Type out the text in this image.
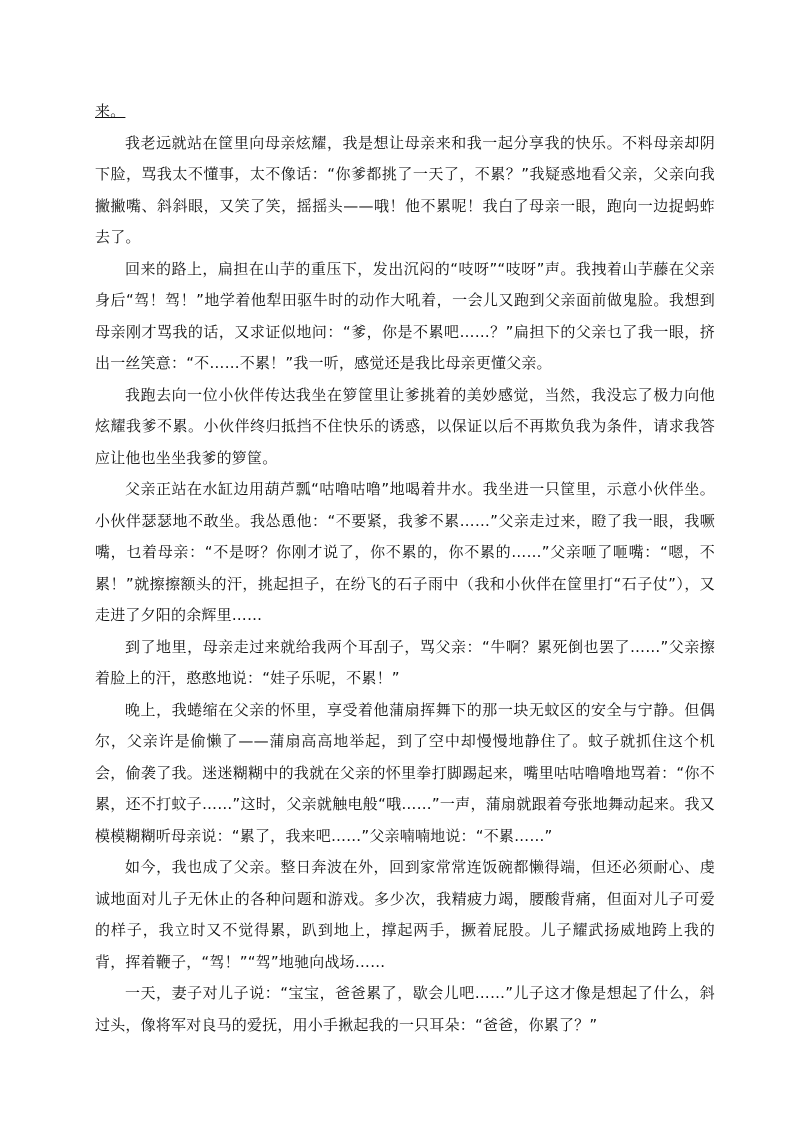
来。

我老远就站在筐里向母亲炫耀，我是想让母亲来和我一起分享我的快乐。不料母亲却阴下脸，骂我太不懂事，太不像话：“你爹都挑了一天了，不累？”我疑惑地看父亲，父亲向我撇撇嘴、斜斜眼，又笑了笑，摇摇头——哦！他不累呢！我白了母亲一眼，跑向一边捉蚂蚱去了。

回来的路上，扁担在山芋的重压下，发出沉闷的“吱呀”“吱呀”声。我拽着山芋藤在父亲身后“驾！驾！”地学着他犁田驱牛时的动作大吼着，一会儿又跑到父亲面前做鬼脸。我想到母亲刚才骂我的话，又求证似地问：“爹，你是不累吧……？”扁担下的父亲乜了我一眼，挤出一丝笑意：“不……不累！”我一听，感觉还是我比母亲更懂父亲。

我跑去向一位小伙伴传达我坐在箩筐里让爹挑着的美妙感觉，当然，我没忘了极力向他炫耀我爹不累。小伙伴终归抵挡不住快乐的诱惑，以保证以后不再欺负我为条件，请求我答应让他也坐坐我爹的箩筐。

父亲正站在水缸边用葫芦瓢“咕噜咕噜”地喝着井水。我坐进一只筐里，示意小伙伴坐。小伙伴瑟瑟地不敢坐。我怂恿他：“不要紧，我爹不累……”父亲走过来，瞪了我一眼，我噘嘴，乜着母亲：“不是呀？你刚才说了，你不累的，你不累的……”父亲咂了咂嘴：“嗯，不累！”就擦擦额头的汗，挑起担子，在纷飞的石子雨中（我和小伙伴在筐里打“石子仗”），又走进了夕阳的余辉里……

到了地里，母亲走过来就给我两个耳刮子，骂父亲：“牛啊？累死倒也罢了……”父亲擦着脸上的汗，憨憨地说：“娃子乐呢，不累！”

晚上，我蜷缩在父亲的怀里，享受着他蒲扇挥舞下的那一块无蚊区的安全与宁静。但偶尔，父亲许是偷懒了——蒲扇高高地举起，到了空中却慢慢地静住了。蚊子就抓住这个机会，偷袭了我。迷迷糊糊中的我就在父亲的怀里拳打脚踢起来，嘴里咕咕噜噜地骂着：“你不累，还不打蚊子……”这时，父亲就触电般“哦……”一声，蒲扇就跟着夸张地舞动起来。我又模模糊糊听母亲说：“累了，我来吧……”父亲喃喃地说：“不累……”

如今，我也成了父亲。整日奔波在外，回到家常常连饭碗都懒得端，但还必须耐心、虔诚地面对儿子无休止的各种问题和游戏。多少次，我精疲力竭，腰酸背痛，但面对儿子可爱的样子，我立时又不觉得累，趴到地上，撑起两手，撅着屁股。儿子耀武扬威地跨上我的背，挥着鞭子，“驾！”“驾”地驰向战场……

一天，妻子对儿子说：“宝宝，爸爸累了，歇会儿吧……”儿子这才像是想起了什么，斜过头，像将军对良马的爱抚，用小手揪起我的一只耳朵：“爸爸，你累了？”
